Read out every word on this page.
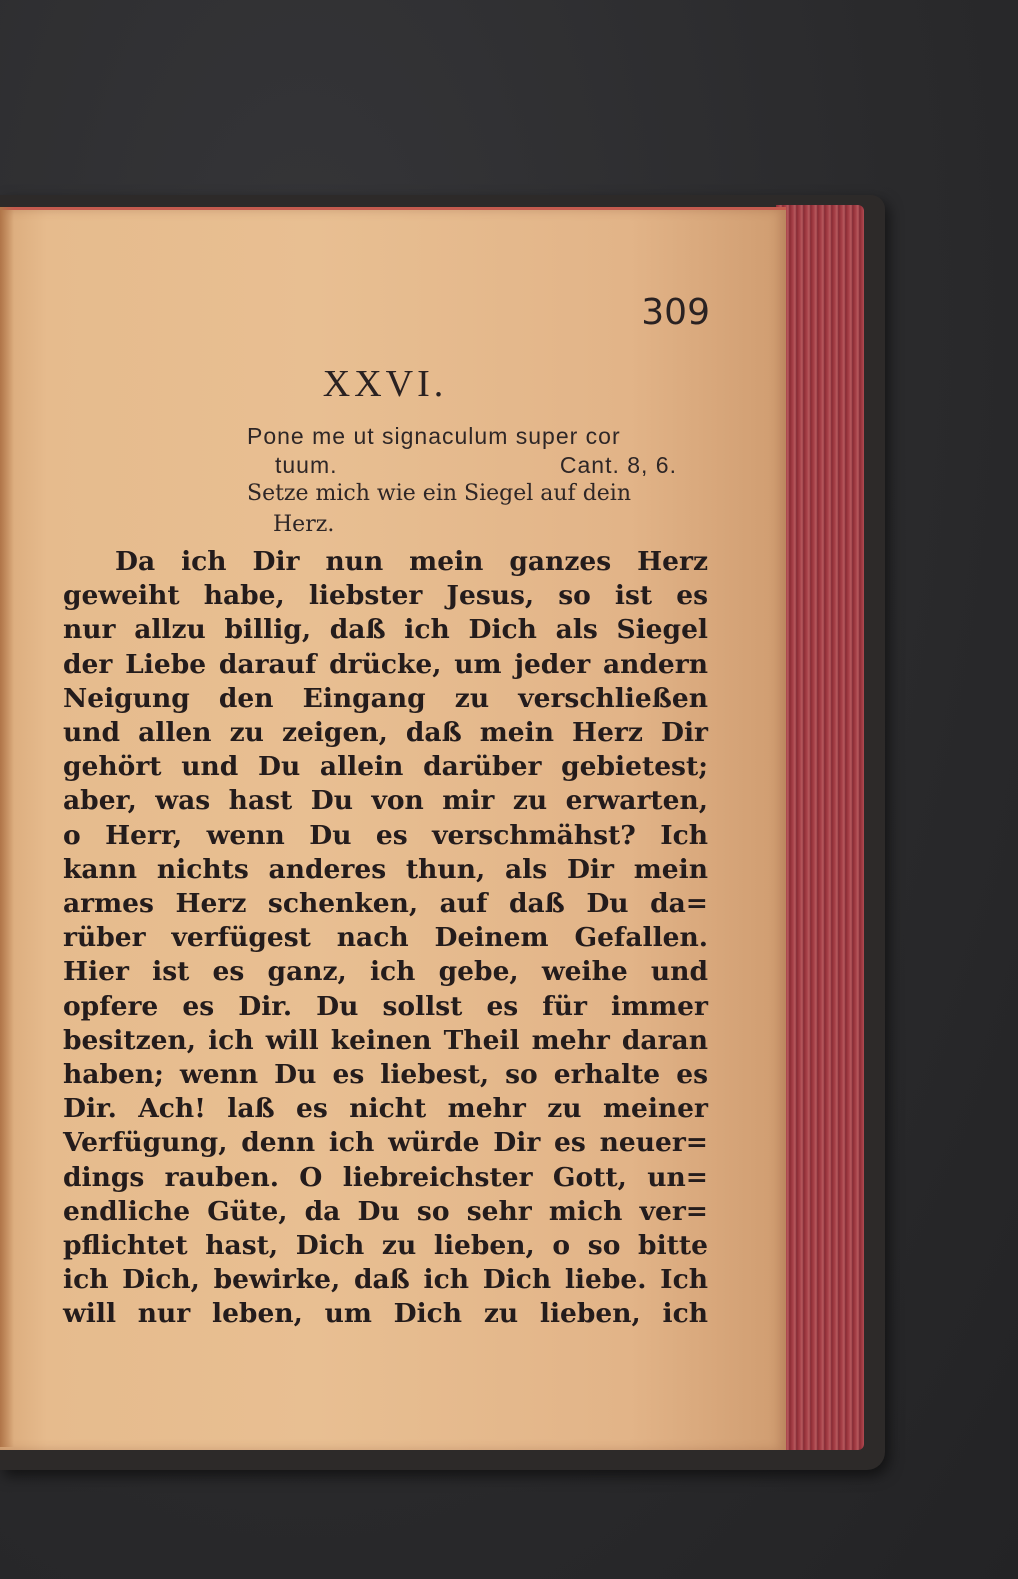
309
XXVI.
Pone me ut signaculum super cor
tuum.	Cant. 8, 6.
Setze mich wie ein Siegel auf dein
Herz.
Da ich Dir nun mein ganzes Herz
geweiht habe, liebster Jesus, so ist es
nur allzu billig, daß ich Dich als Siegel
der Liebe darauf drücke, um jeder andern
Neigung den Eingang zu verschließen
und allen zu zeigen, daß mein Herz Dir
gehört und Du allein darüber gebietest;
aber, was hast Du von mir zu erwarten,
o Herr, wenn Du es verschmähst? Ich
kann nichts anderes thun, als Dir mein
armes Herz schenken, auf daß Du da=
rüber verfügest nach Deinem Gefallen.
Hier ist es ganz, ich gebe, weihe und
opfere es Dir. Du sollst es für immer
besitzen, ich will keinen Theil mehr daran
haben; wenn Du es liebest, so erhalte es
Dir. Ach! laß es nicht mehr zu meiner
Verfügung, denn ich würde Dir es neuer=
dings rauben. O liebreichster Gott, un=
endliche Güte, da Du so sehr mich ver=
pflichtet hast, Dich zu lieben, o so bitte
ich Dich, bewirke, daß ich Dich liebe. Ich
will nur leben, um Dich zu lieben, ich
